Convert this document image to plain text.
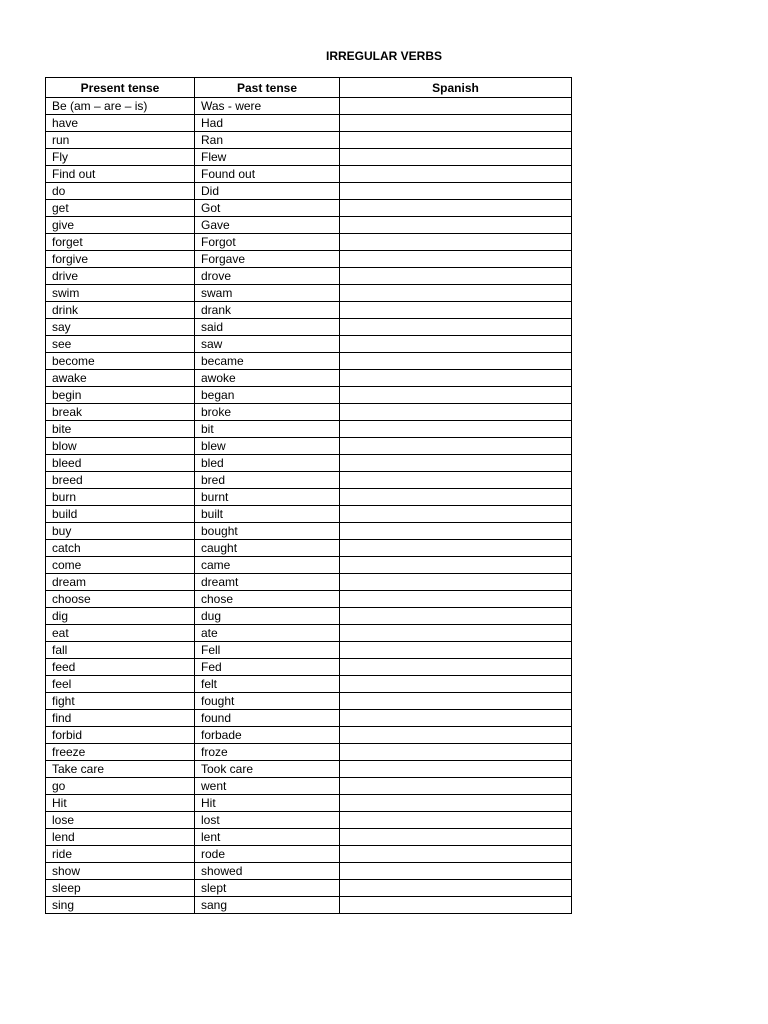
IRREGULAR VERBS
Present tense	Past tense	Spanish
Be (am – are – is)	Was - were	
have	Had	
run	Ran	
Fly	Flew	
Find out	Found out	
do	Did	
get	Got	
give	Gave	
forget	Forgot	
forgive	Forgave	
drive	drove	
swim	swam	
drink	drank	
say	said	
see	saw	
become	became	
awake	awoke	
begin	began	
break	broke	
bite	bit	
blow	blew	
bleed	bled	
breed	bred	
burn	burnt	
build	built	
buy	bought	
catch	caught	
come	came	
dream	dreamt	
choose	chose	
dig	dug	
eat	ate	
fall	Fell	
feed	Fed	
feel	felt	
fight	fought	
find	found	
forbid	forbade	
freeze	froze	
Take care	Took care	
go	went	
Hit	Hit	
lose	lost	
lend	lent	
ride	rode	
show	showed	
sleep	slept	
sing	sang	
